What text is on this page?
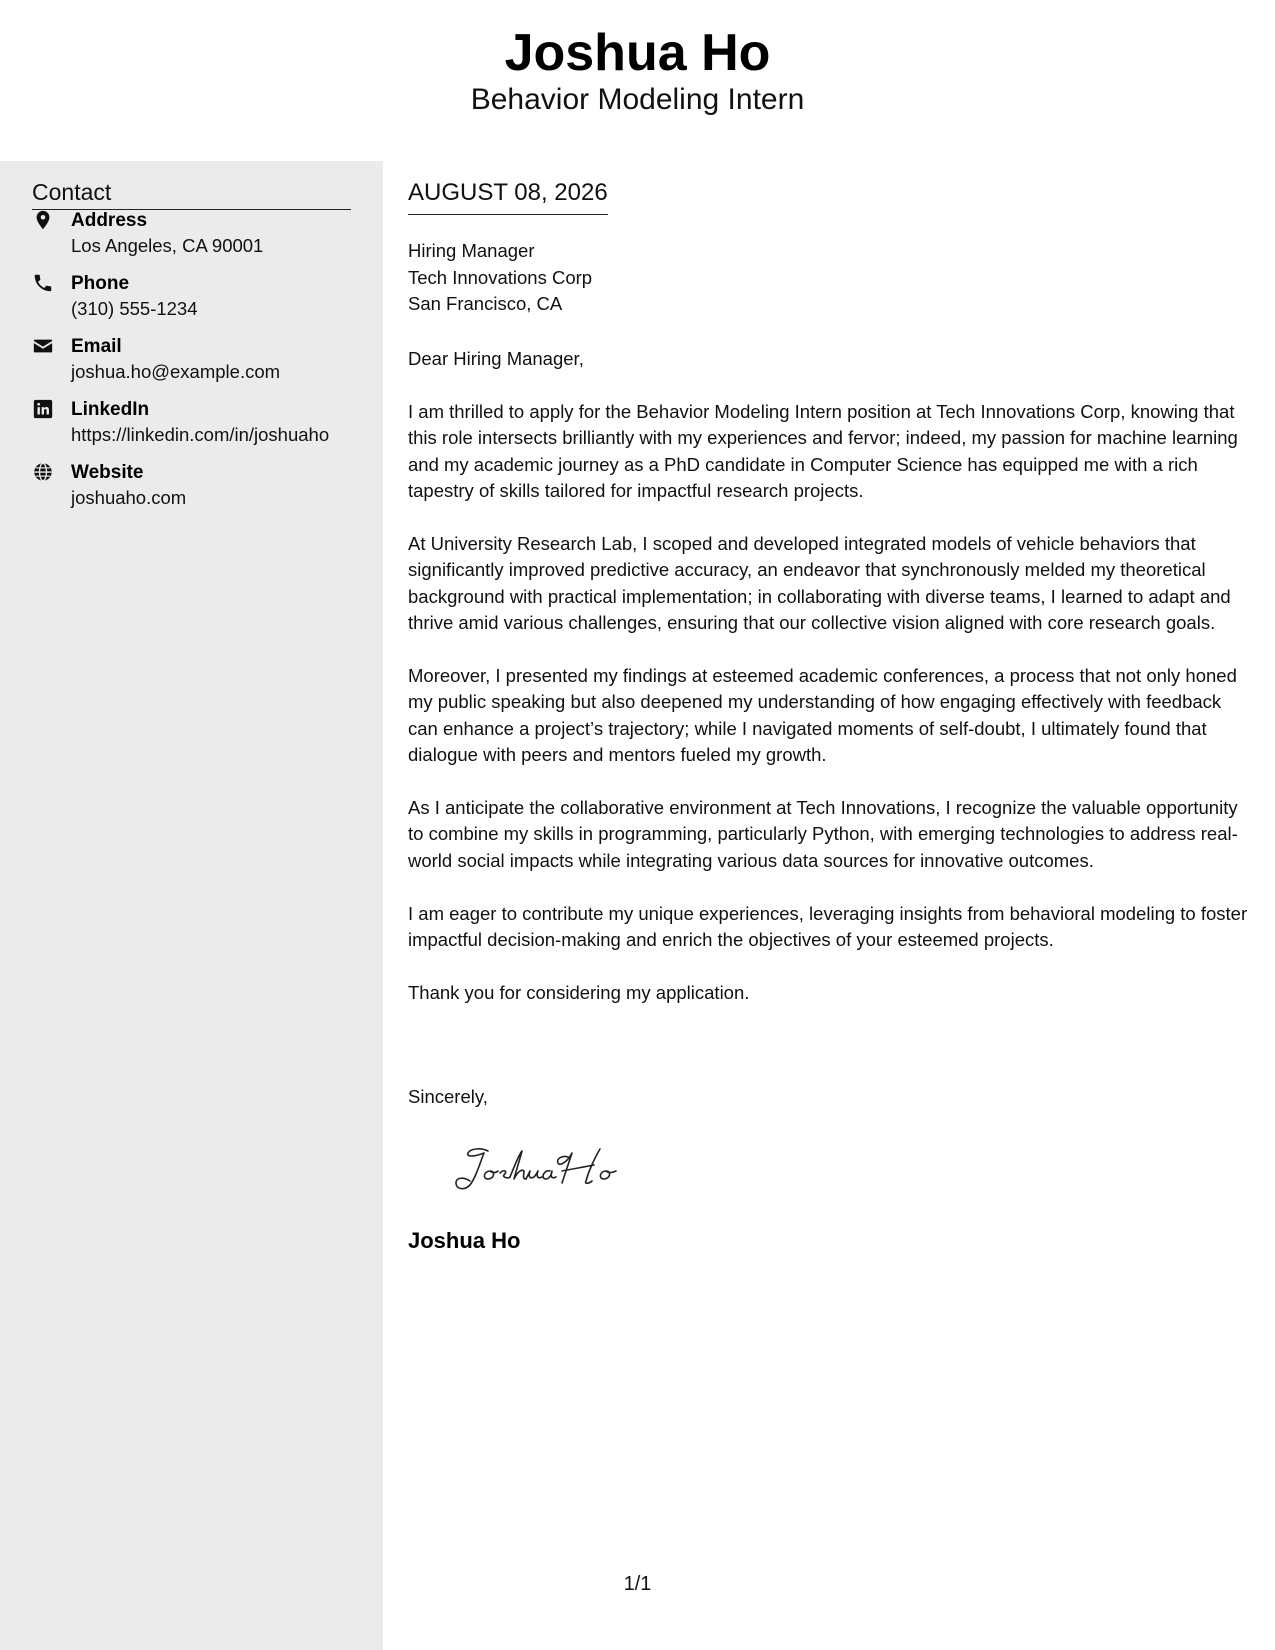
Joshua Ho
Behavior Modeling Intern
Contact
Address
Los Angeles, CA 90001
Phone
(310) 555-1234
Email
joshua.ho@example.com
LinkedIn
https://linkedin.com/in/joshuaho
Website
joshuaho.com
AUGUST 08, 2026
Hiring Manager
Tech Innovations Corp
San Francisco, CA
Dear Hiring Manager,

I am thrilled to apply for the Behavior Modeling Intern position at Tech Innovations Corp, knowing that this role intersects brilliantly with my experiences and fervor; indeed, my passion for machine learning and my academic journey as a PhD candidate in Computer Science has equipped me with a rich tapestry of skills tailored for impactful research projects.

At University Research Lab, I scoped and developed integrated models of vehicle behaviors that significantly improved predictive accuracy, an endeavor that synchronously melded my theoretical background with practical implementation; in collaborating with diverse teams, I learned to adapt and thrive amid various challenges, ensuring that our collective vision aligned with core research goals.

Moreover, I presented my findings at esteemed academic conferences, a process that not only honed my public speaking but also deepened my understanding of how engaging effectively with feedback can enhance a project’s trajectory; while I navigated moments of self-doubt, I ultimately found that dialogue with peers and mentors fueled my growth.

As I anticipate the collaborative environment at Tech Innovations, I recognize the valuable opportunity to combine my skills in programming, particularly Python, with emerging technologies to address real-world social impacts while integrating various data sources for innovative outcomes.

I am eager to contribute my unique experiences, leveraging insights from behavioral modeling to foster impactful decision-making and enrich the objectives of your esteemed projects.

Thank you for considering my application.

Sincerely,
Joshua Ho
1/1
